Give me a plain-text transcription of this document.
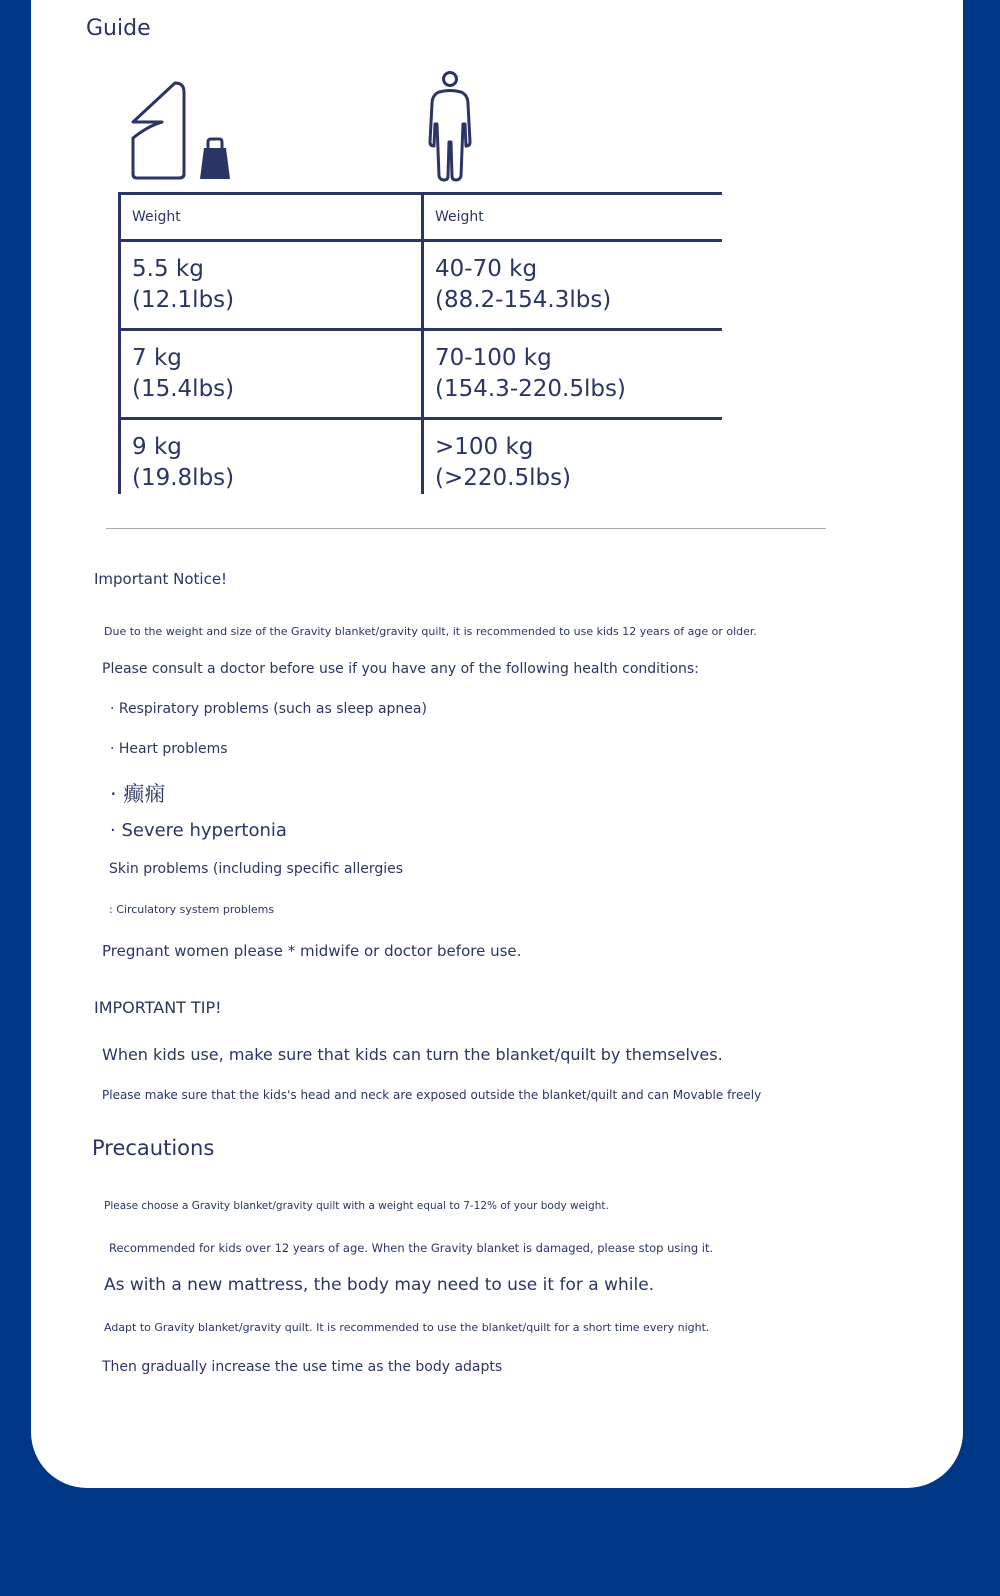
Guide
Weight	Weight
5.5 kg
(12.1lbs)
40-70 kg
(88.2-154.3lbs)
7 kg
(15.4lbs)
70-100 kg
(154.3-220.5lbs)
9 kg
(19.8lbs)
>100 kg
(>220.5lbs)
Important Notice!
Due to the weight and size of the Gravity blanket/gravity quilt, it is recommended to use kids 12 years of age or older.
Please consult a doctor before use if you have any of the following health conditions:
· Respiratory problems (such as sleep apnea)
· Heart problems
· 癫痫
· Severe hypertonia
Skin problems (including specific allergies
: Circulatory system problems
Pregnant women please * midwife or doctor before use.
IMPORTANT TIP!
When kids use, make sure that kids can turn the blanket/quilt by themselves.
Please make sure that the kids's head and neck are exposed outside the blanket/quilt and can Movable freely
Precautions
Please choose a Gravity blanket/gravity quilt with a weight equal to 7-12% of your body weight.
Recommended for kids over 12 years of age. When the Gravity blanket is damaged, please stop using it.
As with a new mattress, the body may need to use it for a while.
Adapt to Gravity blanket/gravity quilt. It is recommended to use the blanket/quilt for a short time every night.
Then gradually increase the use time as the body adapts
